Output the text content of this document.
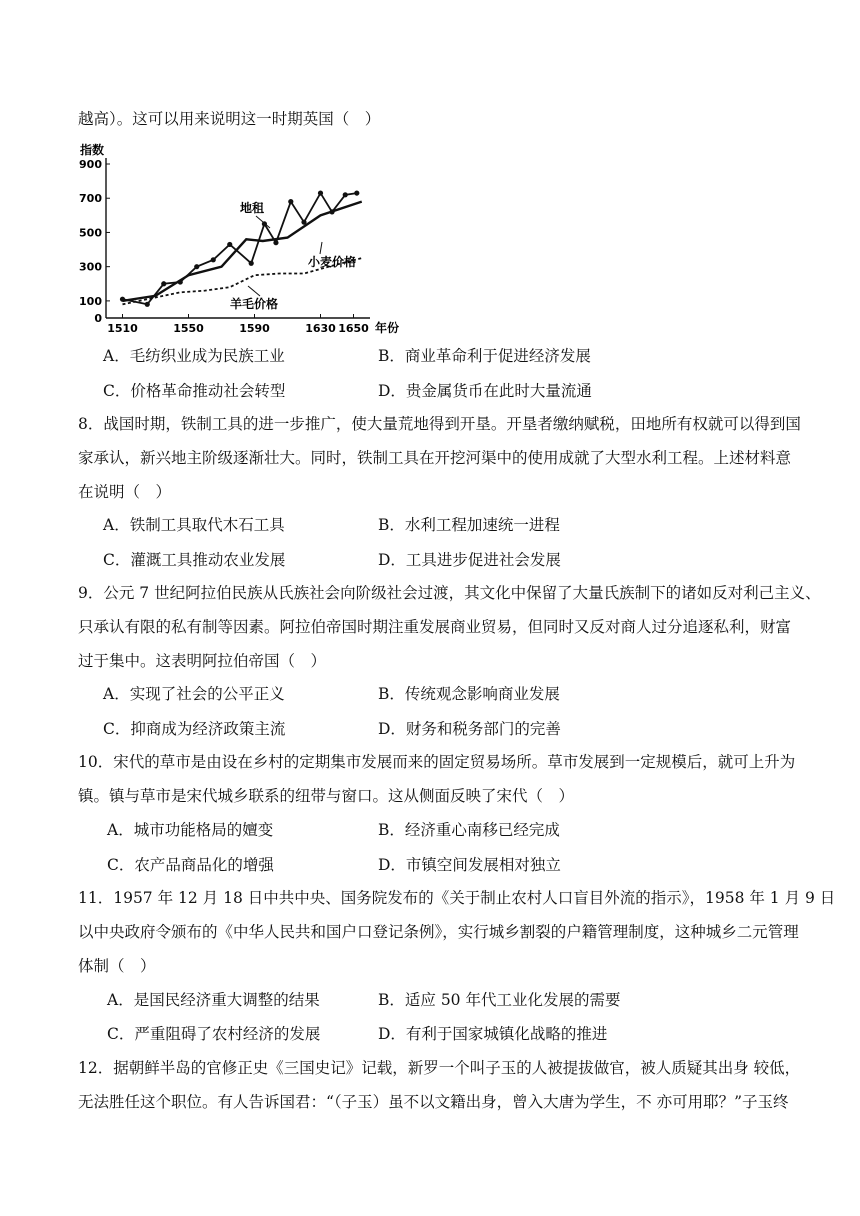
越高）。这可以用来说明这一时期英国（　）
指数
年份
0
100
300
500
700
900
1510	1550	1590	1630 1650
地租
小麦价格
羊毛价格
A．毛纺织业成为民族工业	B．商业革命利于促进经济发展
C．价格革命推动社会转型	D．贵金属货币在此时大量流通
8．战国时期，铁制工具的进一步推广，使大量荒地得到开垦。开垦者缴纳赋税，田地所有权就可以得到国
家承认，新兴地主阶级逐渐壮大。同时，铁制工具在开挖河渠中的使用成就了大型水利工程。上述材料意
在说明（　）
A．铁制工具取代木石工具	B．水利工程加速统一进程
C．灌溉工具推动农业发展	D．工具进步促进社会发展
9．公元 7 世纪阿拉伯民族从氏族社会向阶级社会过渡，其文化中保留了大量氏族制下的诸如反对利己主义、
只承认有限的私有制等因素。阿拉伯帝国时期注重发展商业贸易，但同时又反对商人过分追逐私利，财富
过于集中。这表明阿拉伯帝国（　）
A．实现了社会的公平正义	B．传统观念影响商业发展
C．抑商成为经济政策主流	D．财务和税务部门的完善
10．宋代的草市是由设在乡村的定期集市发展而来的固定贸易场所。草市发展到一定规模后，就可上升为
镇。镇与草市是宋代城乡联系的纽带与窗口。这从侧面反映了宋代（　）
A．城市功能格局的嬗变	B．经济重心南移已经完成
C．农产品商品化的增强	D．市镇空间发展相对独立
11．1957 年 12 月 18 日中共中央、国务院发布的《关于制止农村人口盲目外流的指示》，1958 年 1 月 9 日
以中央政府令颁布的《中华人民共和国户口登记条例》，实行城乡割裂的户籍管理制度，这种城乡二元管理
体制（　）
A．是国民经济重大调整的结果	B．适应 50 年代工业化发展的需要
C．严重阻碍了农村经济的发展	D．有利于国家城镇化战略的推进
12．据朝鲜半岛的官修正史《三国史记》记载，新罗一个叫子玉的人被提拔做官，被人质疑其出身 较低，
无法胜任这个职位。有人告诉国君：“（子玉）虽不以文籍出身，曾入大唐为学生，不 亦可用耶？”子玉终
